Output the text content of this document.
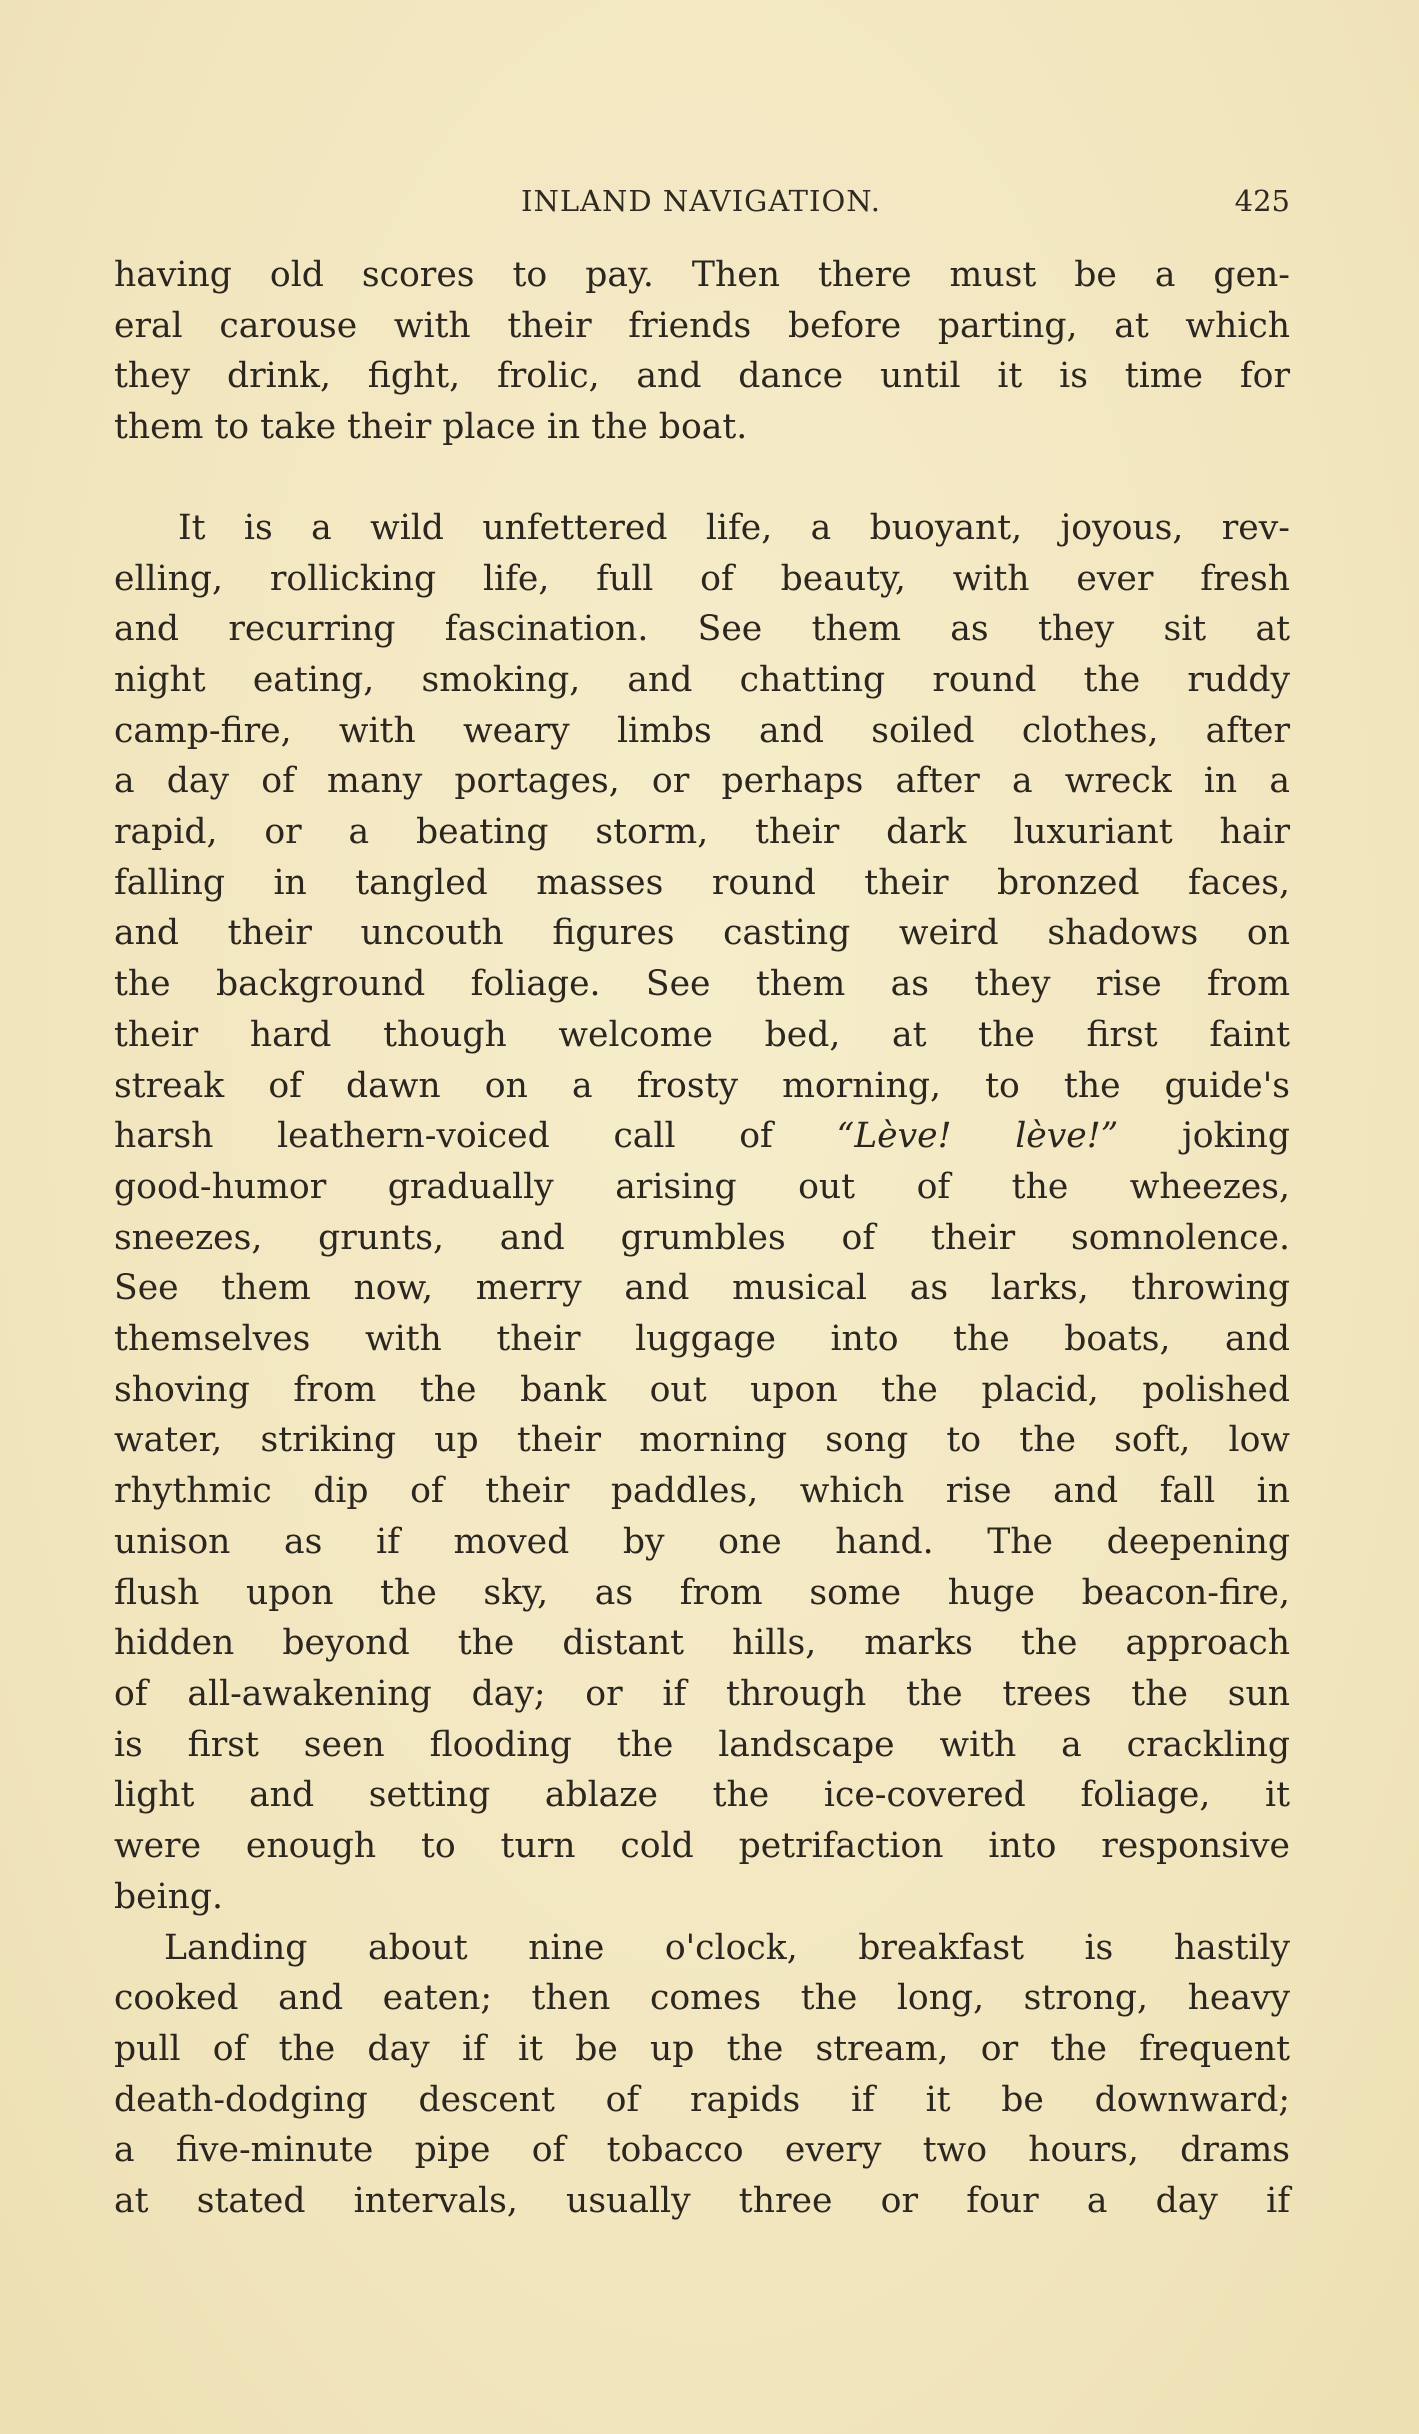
INLAND NAVIGATION.	425
having old scores to pay. Then there must be a gen-
eral carouse with their friends before parting, at which
they drink, fight, frolic, and dance until it is time for
them to take their place in the boat.
It is a wild unfettered life, a buoyant, joyous, rev-
elling, rollicking life, full of beauty, with ever fresh
and recurring fascination. See them as they sit at
night eating, smoking, and chatting round the ruddy
camp-fire, with weary limbs and soiled clothes, after
a day of many portages, or perhaps after a wreck in a
rapid, or a beating storm, their dark luxuriant hair
falling in tangled masses round their bronzed faces,
and their uncouth figures casting weird shadows on
the background foliage. See them as they rise from
their hard though welcome bed, at the first faint
streak of dawn on a frosty morning, to the guide's
harsh leathern-voiced call of “Lève! lève!” joking
good-humor gradually arising out of the wheezes,
sneezes, grunts, and grumbles of their somnolence.
See them now, merry and musical as larks, throwing
themselves with their luggage into the boats, and
shoving from the bank out upon the placid, polished
water, striking up their morning song to the soft, low
rhythmic dip of their paddles, which rise and fall in
unison as if moved by one hand. The deepening
flush upon the sky, as from some huge beacon-fire,
hidden beyond the distant hills, marks the approach
of all-awakening day; or if through the trees the sun
is first seen flooding the landscape with a crackling
light and setting ablaze the ice-covered foliage, it
were enough to turn cold petrifaction into responsive
being.
Landing about nine o'clock, breakfast is hastily
cooked and eaten; then comes the long, strong, heavy
pull of the day if it be up the stream, or the frequent
death-dodging descent of rapids if it be downward;
a five-minute pipe of tobacco every two hours, drams
at stated intervals, usually three or four a day if
